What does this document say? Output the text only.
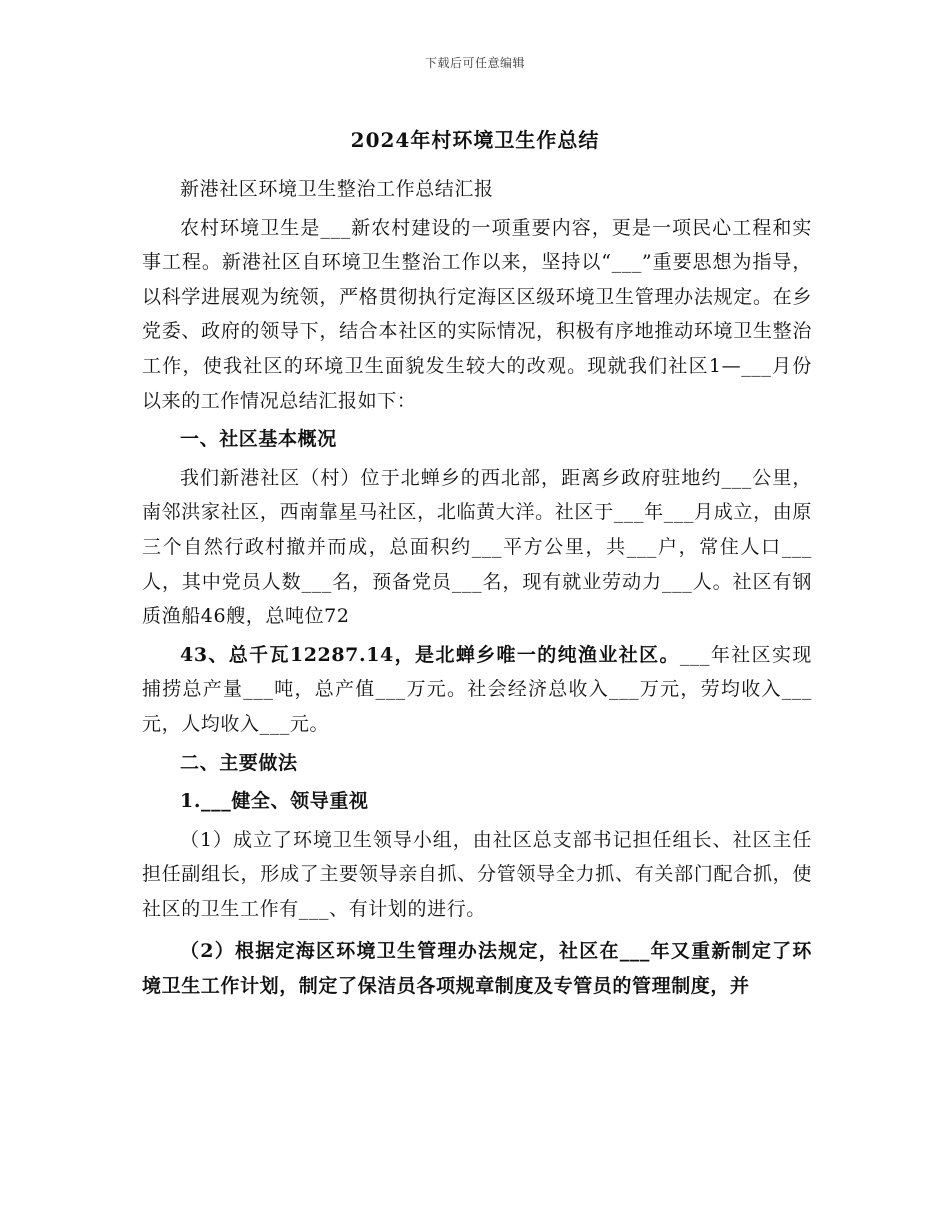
下载后可任意编辑
2024年村环境卫生作总结

新港社区环境卫生整治工作总结汇报

农村环境卫生是___新农村建设的一项重要内容，更是一项民心工程和实事工程。新港社区自环境卫生整治工作以来，坚持以“___”重要思想为指导，以科学进展观为统领，严格贯彻执行定海区区级环境卫生管理办法规定。在乡党委、政府的领导下，结合本社区的实际情况，积极有序地推动环境卫生整治工作，使我社区的环境卫生面貌发生较大的改观。现就我们社区1—___月份以来的工作情况总结汇报如下：

一、社区基本概况

我们新港社区（村）位于北蝉乡的西北部，距离乡政府驻地约___公里，南邻洪家社区，西南靠星马社区，北临黄大洋。社区于___年___月成立，由原三个自然行政村撤并而成，总面积约___平方公里，共___户，常住人口___人，其中党员人数___名，预备党员___名，现有就业劳动力___人。社区有钢质渔船46艘，总吨位72

43、总千瓦12287.14，是北蝉乡唯一的纯渔业社区。___年社区实现捕捞总产量___吨，总产值___万元。社会经济总收入___万元，劳均收入___元，人均收入___元。

二、主要做法

1.___健全、领导重视

（1）成立了环境卫生领导小组，由社区总支部书记担任组长、社区主任担任副组长，形成了主要领导亲自抓、分管领导全力抓、有关部门配合抓，使社区的卫生工作有___、有计划的进行。

（2）根据定海区环境卫生管理办法规定，社区在___年又重新制定了环境卫生工作计划，制定了保洁员各项规章制度及专管员的管理制度，并
